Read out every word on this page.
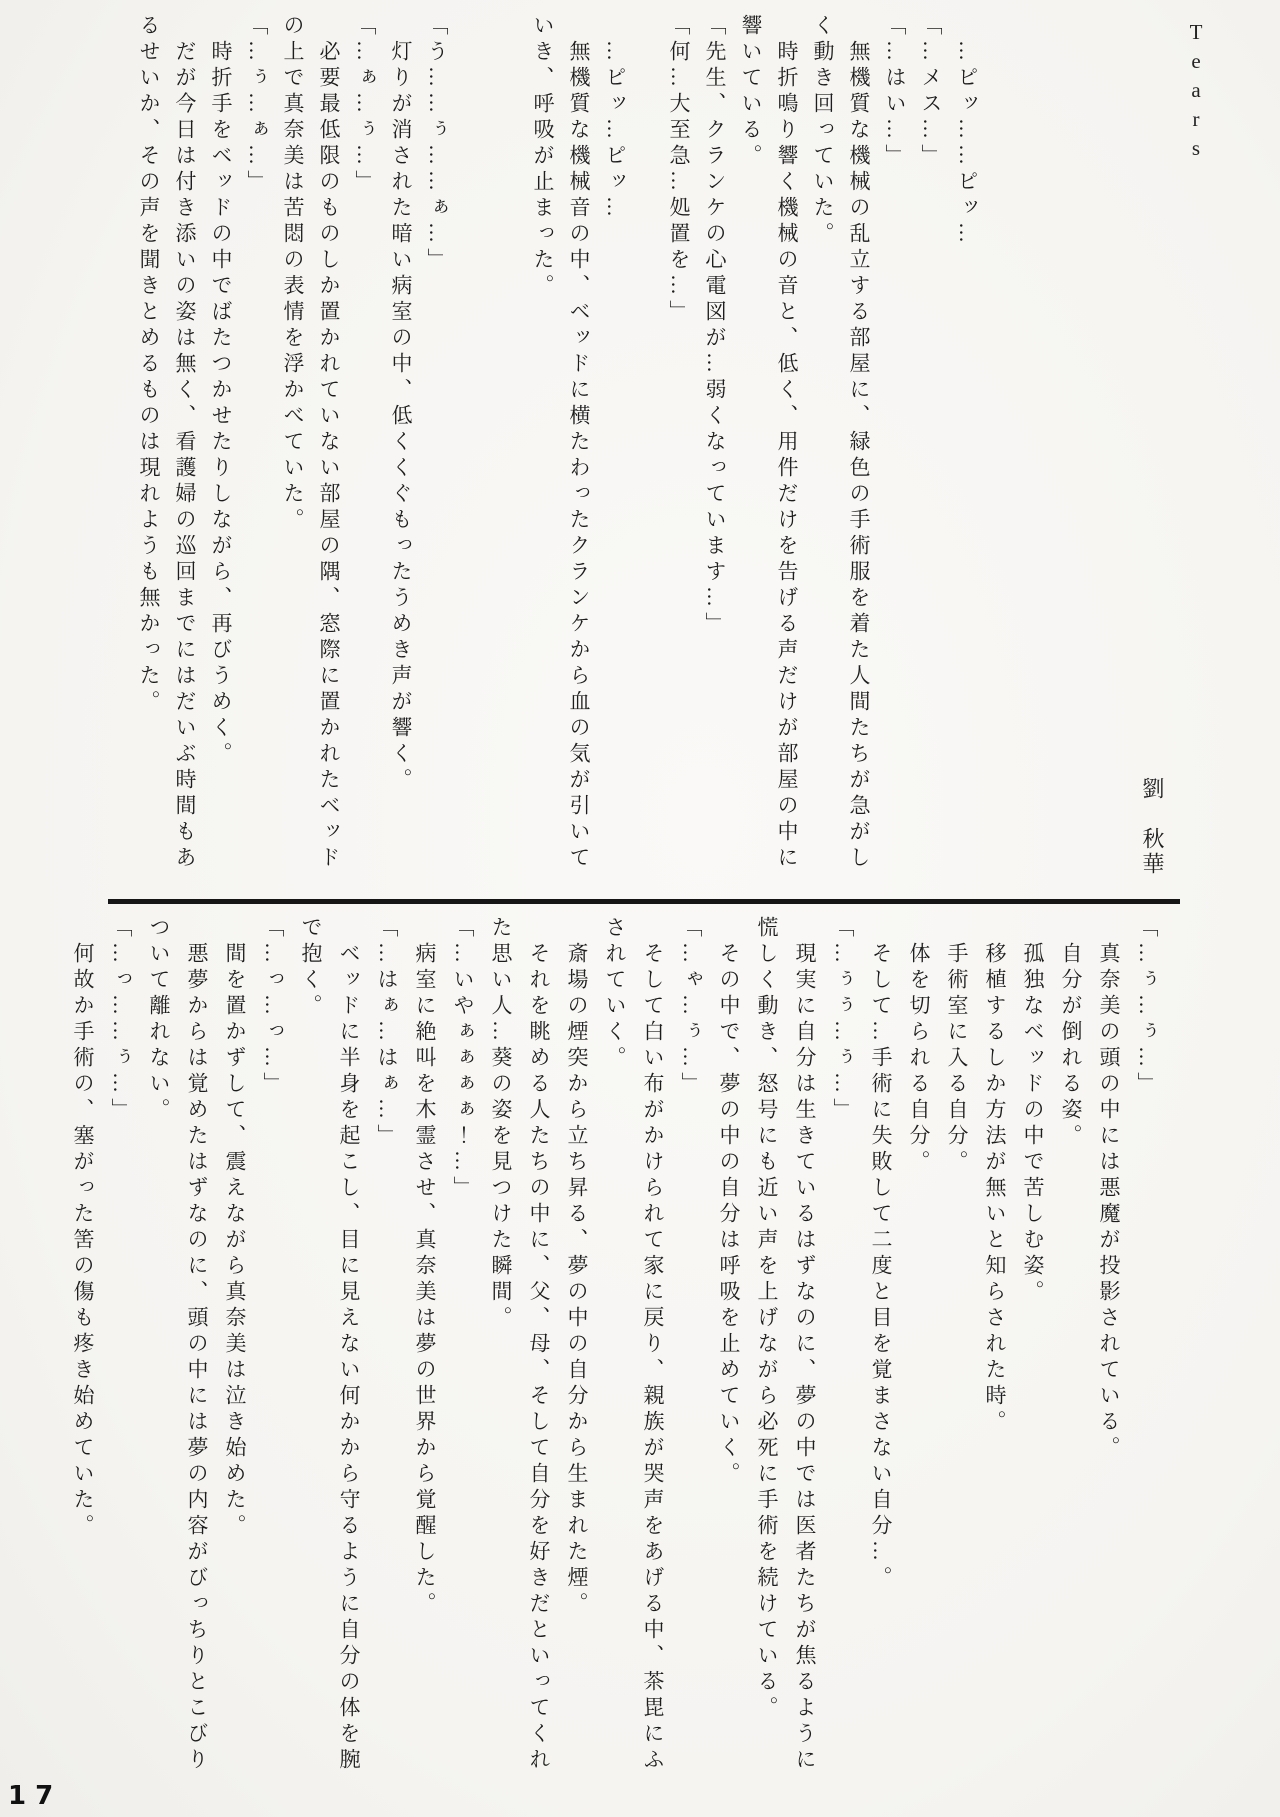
Tears

…ピッ……ピッ…

「…メス…」

「…はい…」

無機質な機械の乱立する部屋に、緑色の手術服を着た人間たちが急がしく動き回っていた。

時折鳴り響く機械の音と、低く、用件だけを告げる声だけが部屋の中に響いている。

「先生、クランケの心電図が…弱くなっています…」

「何…大至急…処置を…」

…ピッ…ピッ…

無機質な機械音の中、ベッドに横たわったクランケから血の気が引いていき、呼吸が止まった。

「う……ぅ……ぁ…」

灯りが消された暗い病室の中、低くくぐもったうめき声が響く。

「…ぁ…ぅ…」

必要最低限のものしか置かれていない部屋の隅、窓際に置かれたベッドの上で真奈美は苦悶の表情を浮かべていた。

「…ぅ…ぁ…」

時折手をベッドの中でばたつかせたりしながら、再びうめく。

だが今日は付き添いの姿は無く、看護婦の巡回までにはだいぶ時間もあるせいか、その声を聞きとめるものは現れようも無かった。

劉　秋華

「…ぅ…ぅ…」

真奈美の頭の中には悪魔が投影されている。

自分が倒れる姿。

孤独なベッドの中で苦しむ姿。

移植するしか方法が無いと知らされた時。

手術室に入る自分。

体を切られる自分。

そして…手術に失敗して二度と目を覚まさない自分…。

「…ぅぅ…ぅ…」

現実に自分は生きているはずなのに、夢の中では医者たちが焦るように慌しく動き、怒号にも近い声を上げながら必死に手術を続けている。

その中で、夢の中の自分は呼吸を止めていく。

「…ゃ…ぅ…」

そして白い布がかけられて家に戻り、親族が哭声をあげる中、茶毘にふされていく。

斎場の煙突から立ち昇る、夢の中の自分から生まれた煙。

それを眺める人たちの中に、父、母、そして自分を好きだといってくれた思い人…葵の姿を見つけた瞬間。

「…いやぁぁぁぁ！…」

病室に絶叫を木霊させ、真奈美は夢の世界から覚醒した。

「…はぁ…はぁ…」

ベッドに半身を起こし、目に見えない何かから守るように自分の体を腕で抱く。

「…っ…っ…」

間を置かずして、震えながら真奈美は泣き始めた。

悪夢からは覚めたはずなのに、頭の中には夢の内容がびっちりとこびりついて離れない。

「…っ……ぅ…」

何故か手術の、塞がった筈の傷も疼き始めていた。

17
